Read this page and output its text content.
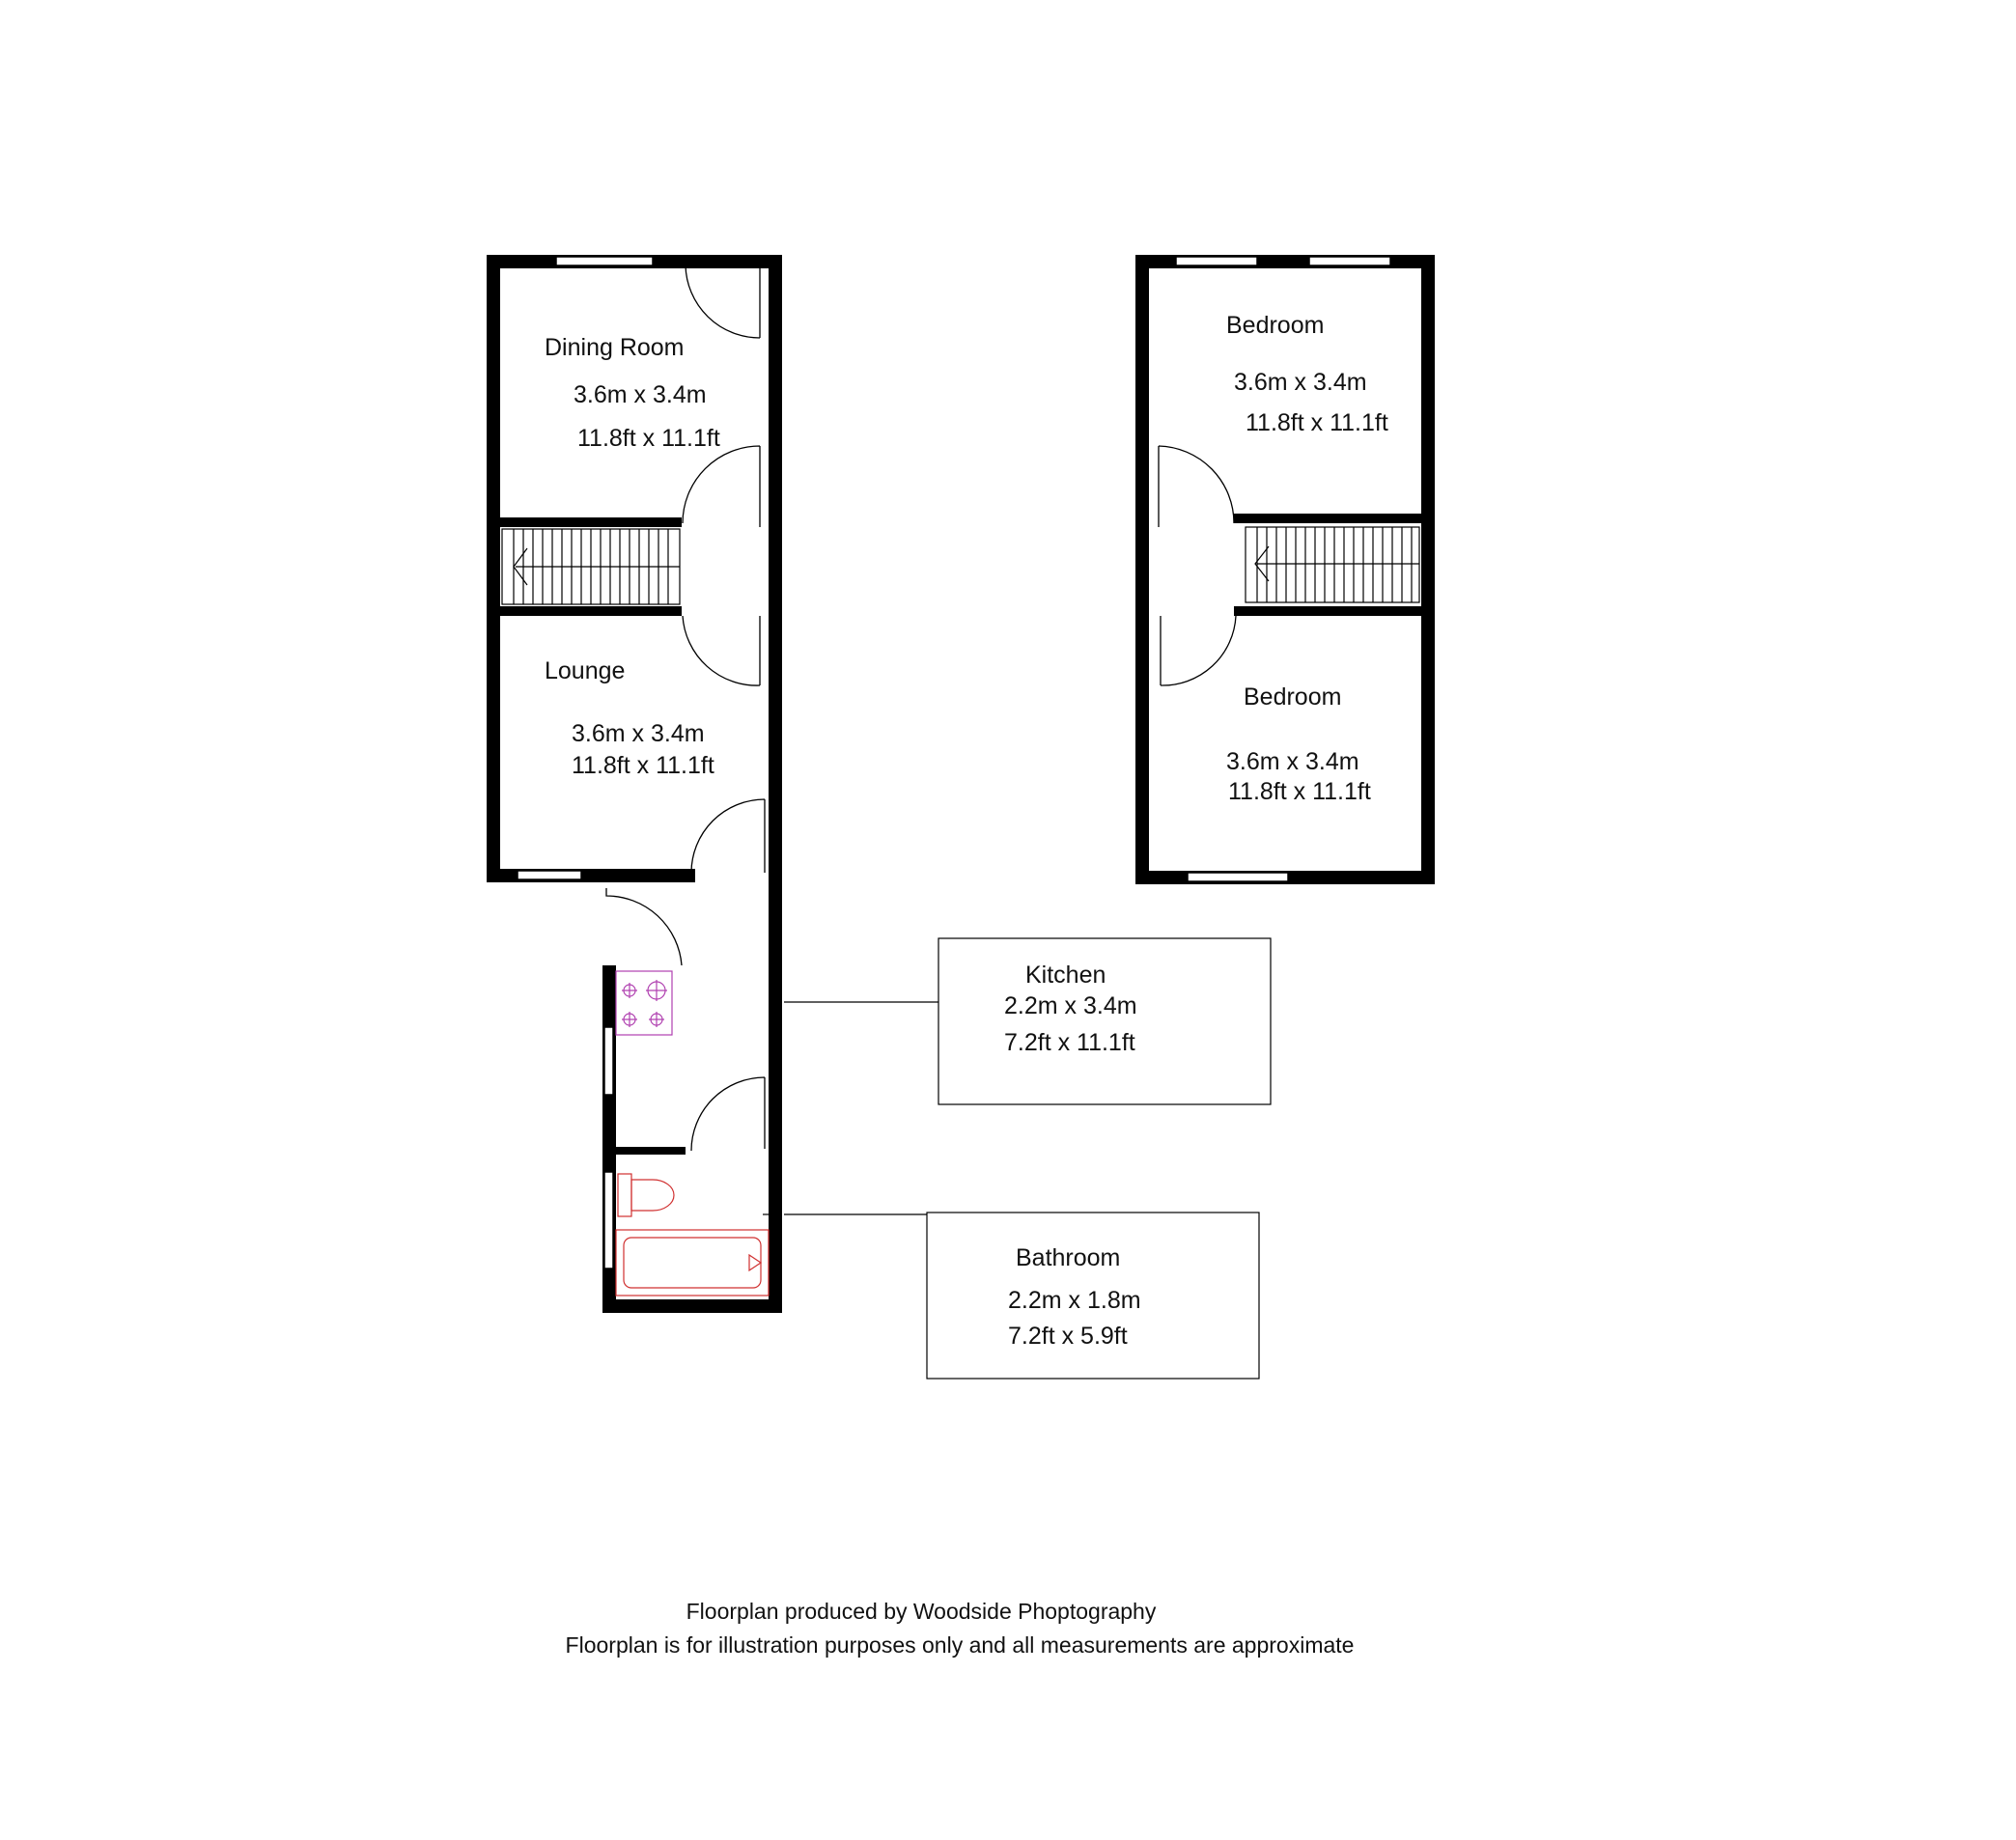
Dining Room
3.6m x 3.4m
11.8ft x 11.1ft
Lounge
3.6m x 3.4m
11.8ft x 11.1ft
Kitchen
2.2m x 3.4m
7.2ft x 11.1ft
Bathroom
2.2m x 1.8m
7.2ft x 5.9ft
Bedroom
3.6m x 3.4m
11.8ft x 11.1ft
Bedroom
3.6m x 3.4m
11.8ft x 11.1ft
Floorplan produced by Woodside Phoptography
Floorplan is for illustration purposes only and all measurements are approximate
